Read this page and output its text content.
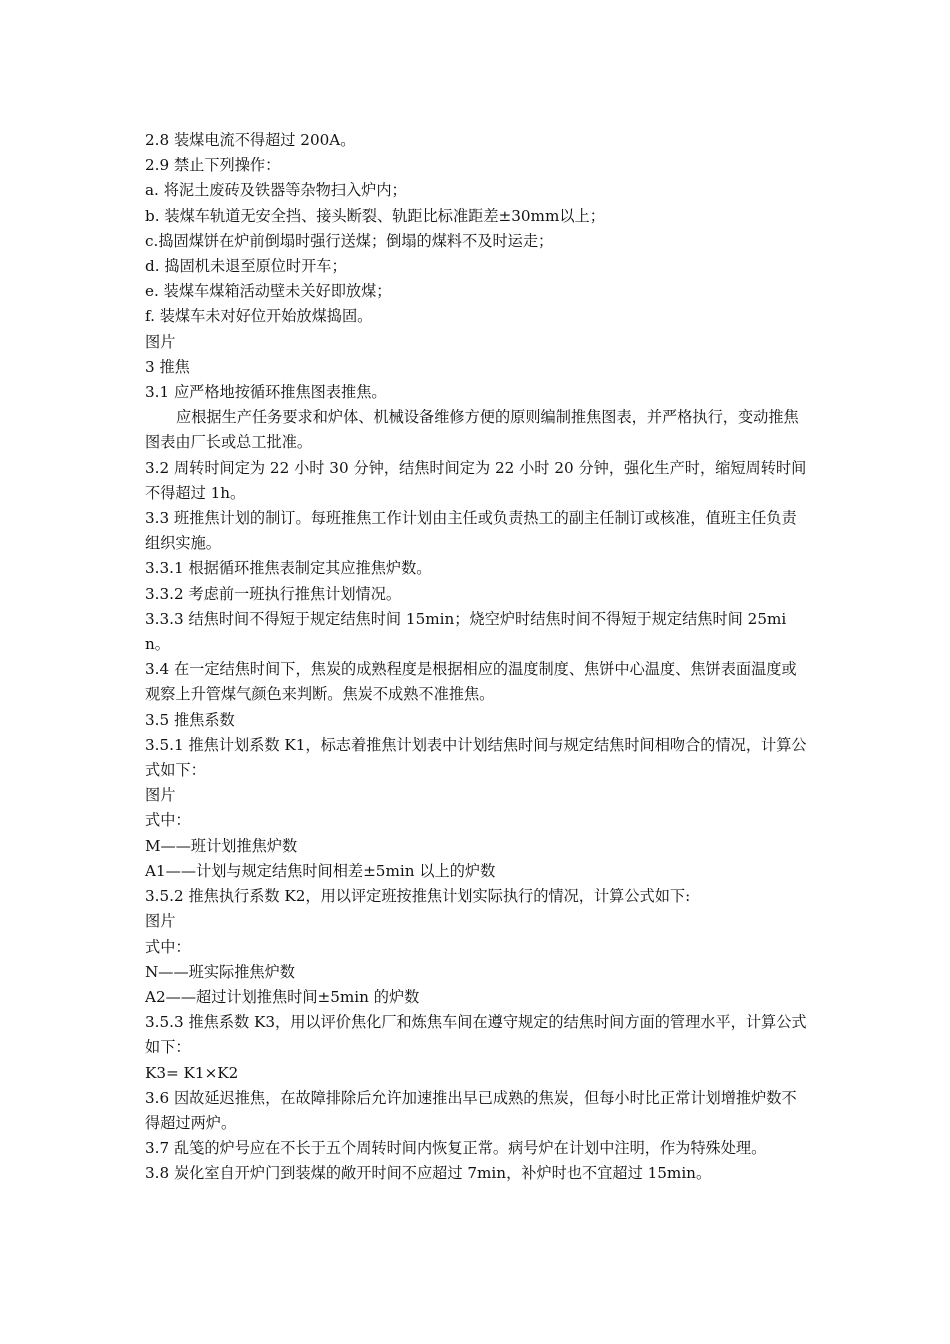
2.8 装煤电流不得超过 200A。

2.9 禁止下列操作：

a. 将泥土废砖及铁器等杂物扫入炉内；

b. 装煤车轨道无安全挡、接头断裂、轨距比标准距差±30mm以上；

c.捣固煤饼在炉前倒塌时强行送煤；倒塌的煤料不及时运走；

d. 捣固机未退至原位时开车；

e. 装煤车煤箱活动壁未关好即放煤；

f. 装煤车未对好位开始放煤捣固。

图片

3 推焦

3.1 应严格地按循环推焦图表推焦。

应根据生产任务要求和炉体、机械设备维修方便的原则编制推焦图表，并严格执行，变动推焦图表由厂长或总工批准。

3.2 周转时间定为 22 小时 30 分钟，结焦时间定为 22 小时 20 分钟，强化生产时，缩短周转时间不得超过 1h。

3.3 班推焦计划的制订。每班推焦工作计划由主任或负责热工的副主任制订或核准，值班主任负责组织实施。

3.3.1 根据循环推焦表制定其应推焦炉数。

3.3.2 考虑前一班执行推焦计划情况。

3.3.3 结焦时间不得短于规定结焦时间 15min；烧空炉时结焦时间不得短于规定结焦时间 25min。

3.4 在一定结焦时间下，焦炭的成熟程度是根据相应的温度制度、焦饼中心温度、焦饼表面温度或观察上升管煤气颜色来判断。焦炭不成熟不准推焦。

3.5 推焦系数

3.5.1 推焦计划系数 K1，标志着推焦计划表中计划结焦时间与规定结焦时间相吻合的情况，计算公式如下：

图片

式中：

M——班计划推焦炉数

A1——计划与规定结焦时间相差±5min 以上的炉数

3.5.2 推焦执行系数 K2，用以评定班按推焦计划实际执行的情况，计算公式如下:

图片

式中：

N——班实际推焦炉数

A2——超过计划推焦时间±5min 的炉数

3.5.3 推焦系数 K3，用以评价焦化厂和炼焦车间在遵守规定的结焦时间方面的管理水平，计算公式如下：

K3= K1×K2

3.6 因故延迟推焦，在故障排除后允许加速推出早已成熟的焦炭，但每小时比正常计划增推炉数不得超过两炉。

3.7 乱笺的炉号应在不长于五个周转时间内恢复正常。病号炉在计划中注明，作为特殊处理。

3.8 炭化室自开炉门到装煤的敞开时间不应超过 7min，补炉时也不宜超过 15min。
